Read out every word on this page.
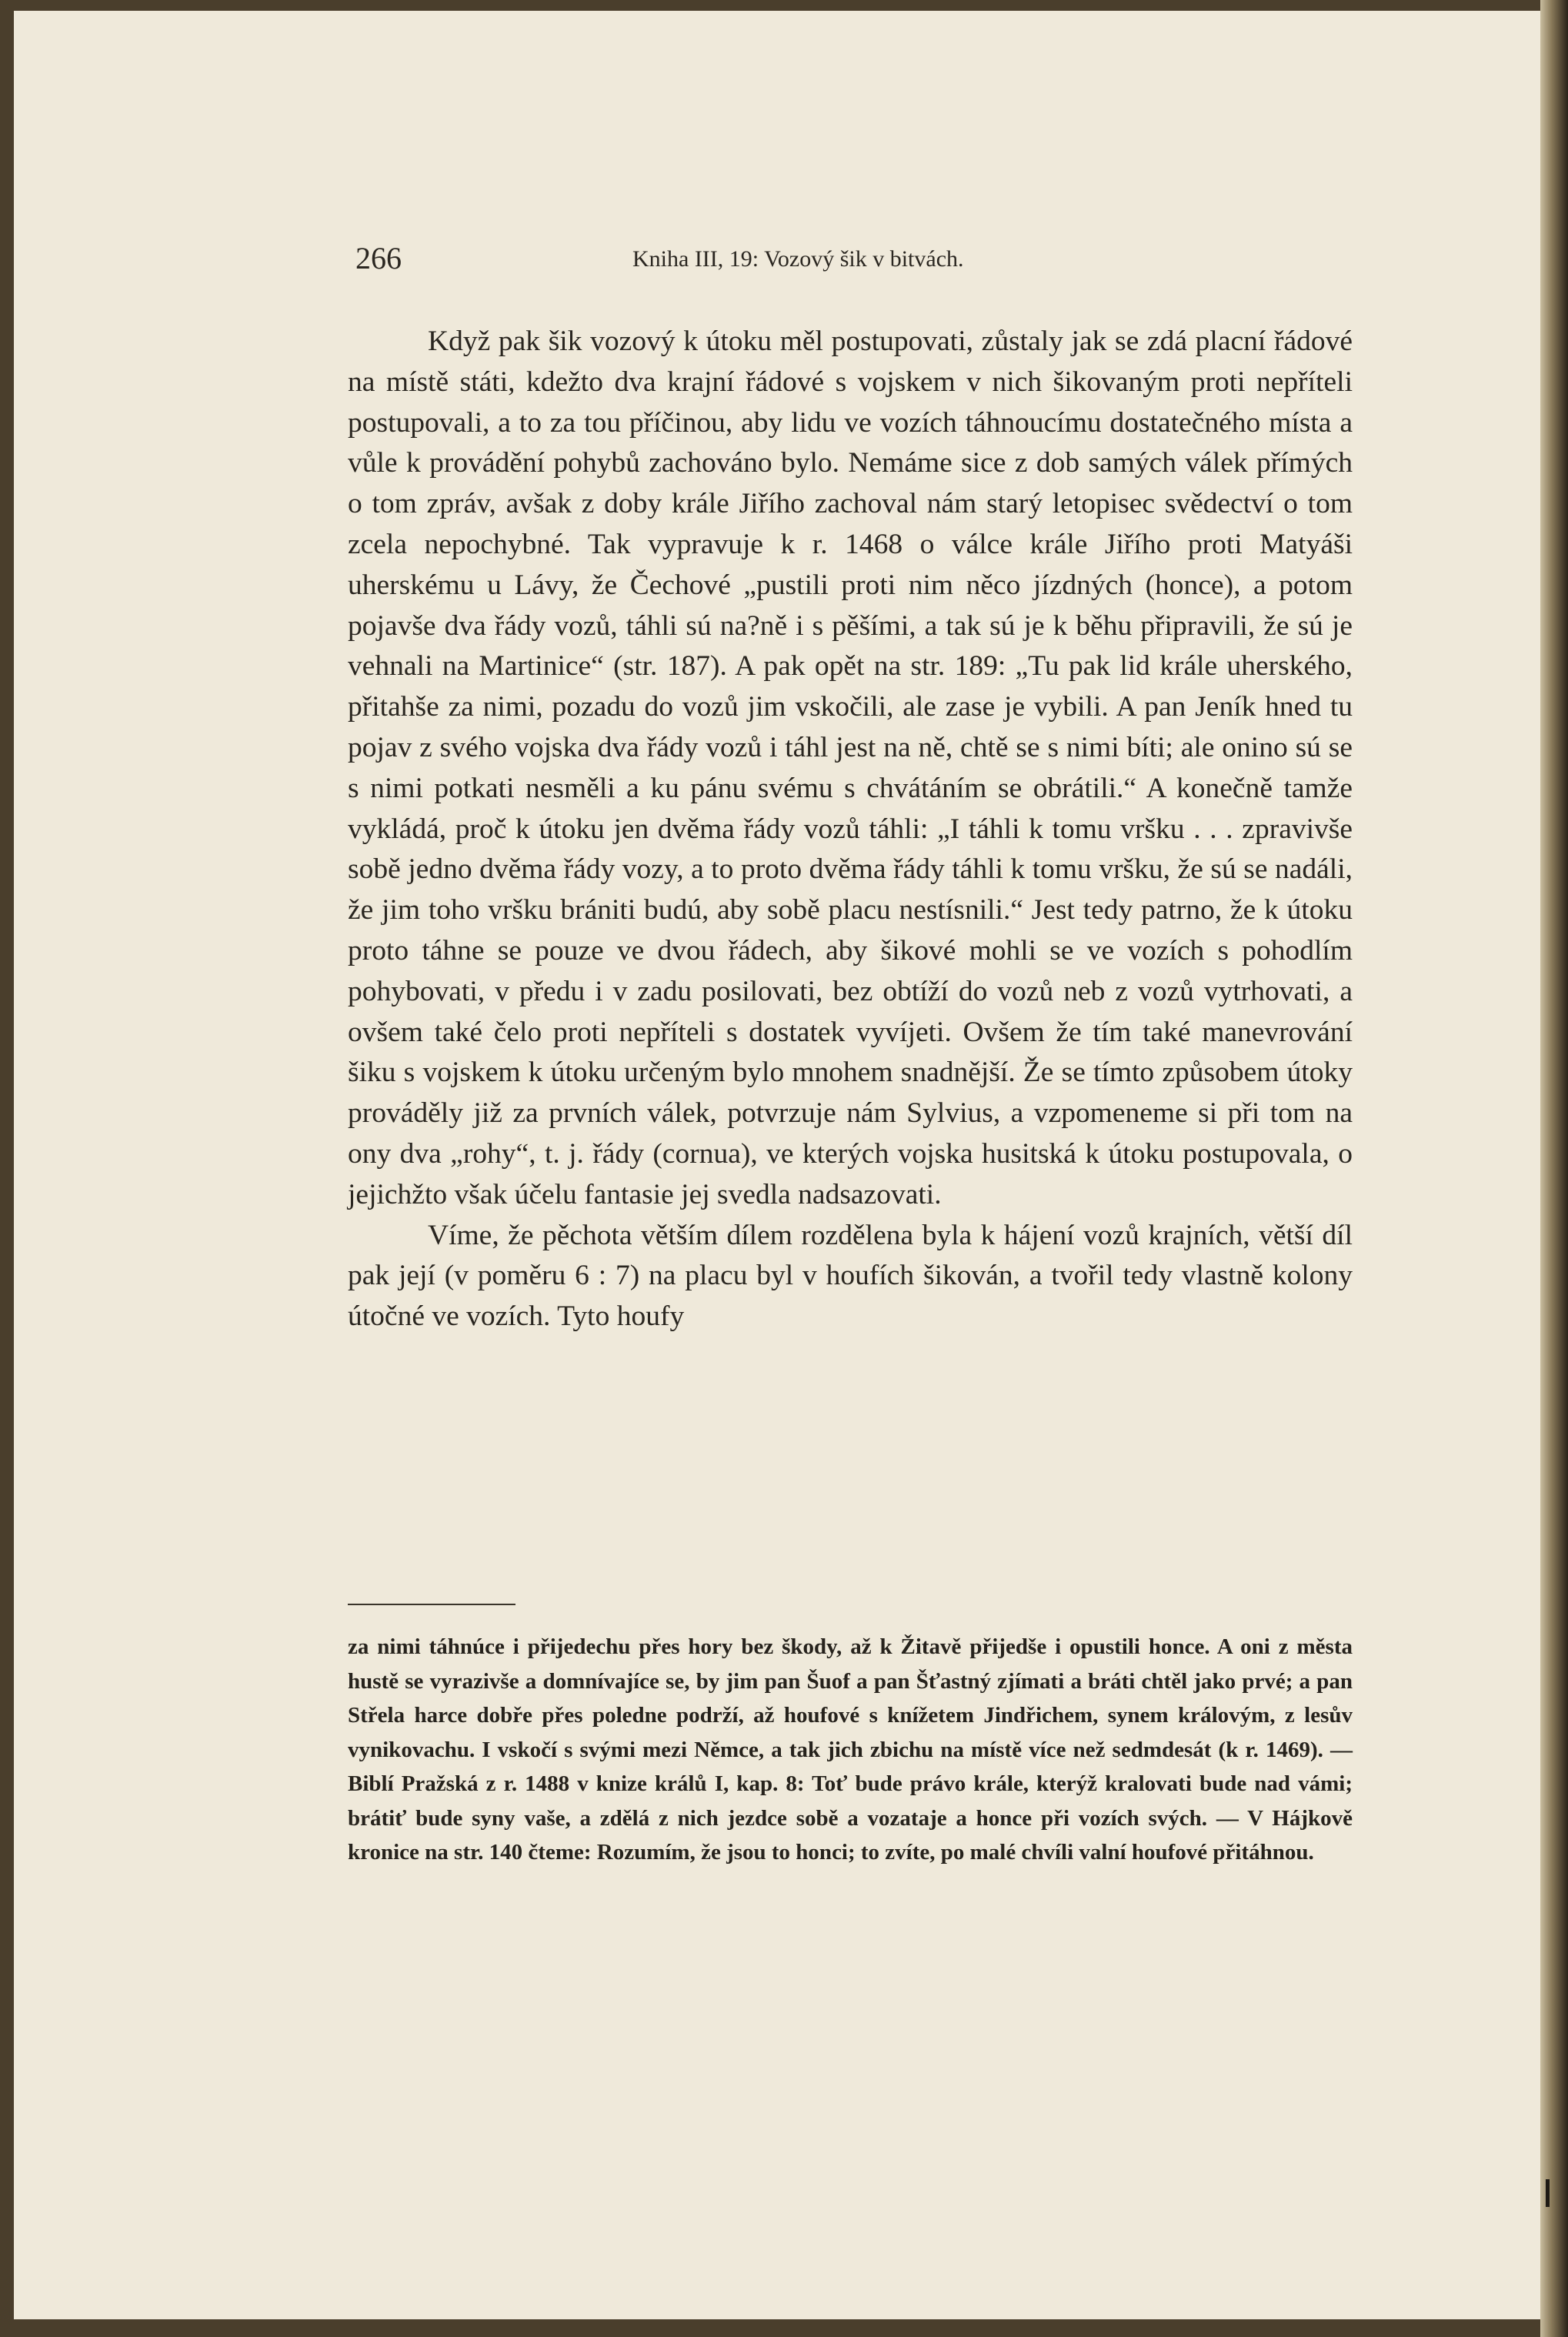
266	Kniha III, 19: Vozový šik v bitvách.

Když pak šik vozový k útoku měl postupovati, zůstaly jak se zdá placní řádové na místě státi, kdežto dva krajní řádové s vojskem v nich šikovaným proti nepříteli postupovali, a to za tou příčinou, aby lidu ve vozích táhnoucímu dostatečného místa a vůle k provádění pohybů zachováno bylo. Nemáme sice z dob samých válek přímých o tom zpráv, avšak z doby krále Jiřího zachoval nám starý letopisec svědectví o tom zcela nepochybné. Tak vypravuje k r. 1468 o válce krále Jiřího proti Matyáši uherskému u Lávy, že Čechové „pustili proti nim něco jízdných (honce), a potom pojavše dva řády vozů, táhli sú na?ně i s pěšími, a tak sú je k běhu připravili, že sú je vehnali na Martinice“ (str. 187). A pak opět na str. 189: „Tu pak lid krále uherského, přitahše za nimi, pozadu do vozů jim vskočili, ale zase je vybili. A pan Jeník hned tu pojav z svého vojska dva řády vozů i táhl jest na ně, chtě se s nimi bíti; ale onino sú se s nimi potkati nesměli a ku pánu svému s chvátáním se obrátili.“ A konečně tamže vykládá, proč k útoku jen dvěma řády vozů táhli: „I táhli k tomu vršku . . . zpravivše sobě jedno dvěma řády vozy, a to proto dvěma řády táhli k tomu vršku, že sú se nadáli, že jim toho vršku brániti budú, aby sobě placu nestísnili.“ Jest tedy patrno, že k útoku proto táhne se pouze ve dvou řádech, aby šikové mohli se ve vozích s pohodlím pohybovati, v předu i v zadu posilovati, bez obtíží do vozů neb z vozů vytrhovati, a ovšem také čelo proti nepříteli s dostatek vyvíjeti. Ovšem že tím také manevrování šiku s vojskem k útoku určeným bylo mnohem snadnější. Že se tímto způsobem útoky prováděly již za prvních válek, potvrzuje nám Sylvius, a vzpomeneme si při tom na ony dva „rohy“, t. j. řády (cornua), ve kterých vojska husitská k útoku postupovala, o jejichžto však účelu fantasie jej svedla nadsazovati.

Víme, že pěchota větším dílem rozdělena byla k hájení vozů krajních, větší díl pak její (v poměru 6 : 7) na placu byl v houfích šikován, a tvořil tedy vlastně kolony útočné ve vozích. Tyto houfy

za nimi táhnúce i přijedechu přes hory bez škody, až k Žitavě přijedše i opustili honce. A oni z města hustě se vyrazivše a domnívajíce se, by jim pan Šuof a pan Šťastný zjímati a bráti chtěl jako prvé; a pan Střela harce dobře přes poledne podrží, až houfové s knížetem Jindřichem, synem královým, z lesův vynikovachu. I vskočí s svými mezi Němce, a tak jich zbichu na místě více než sedmdesát (k r. 1469). — Biblí Pražská z r. 1488 v knize králů I, kap. 8: Toť bude právo krále, kterýž kralovati bude nad vámi; brátiť bude syny vaše, a zdělá z nich jezdce sobě a vozataje a honce při vozích svých. — V Hájkově kronice na str. 140 čteme: Rozumím, že jsou to honci; to zvíte, po malé chvíli valní houfové přitáhnou.
